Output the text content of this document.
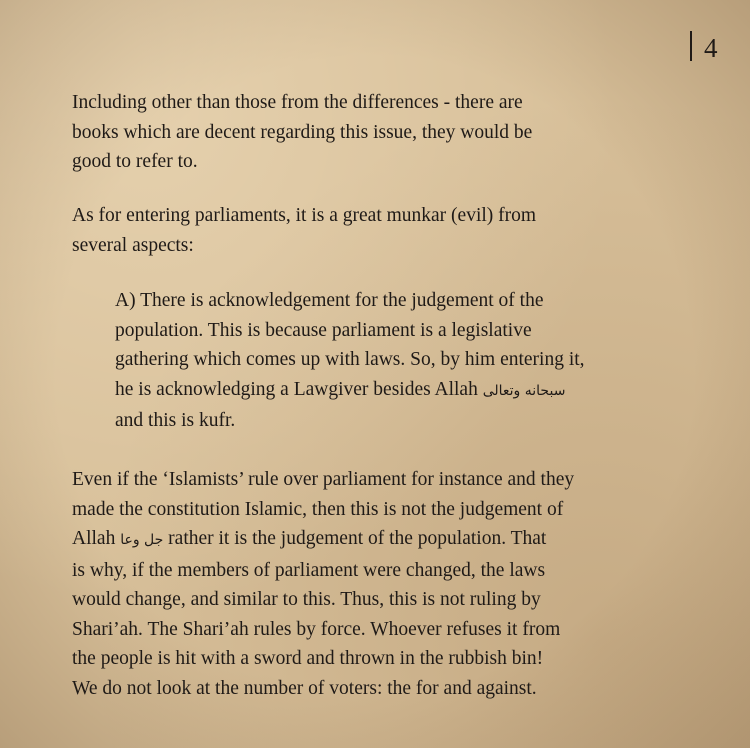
4

Including other than those from the differences - there are
books which are decent regarding this issue, they would be
good to refer to.

As for entering parliaments, it is a great munkar (evil) from
several aspects:

A) There is acknowledgement for the judgement of the
population. This is because parliament is a legislative
gathering which comes up with laws. So, by him entering it,
he is acknowledging a Lawgiver besides Allah سبحانه وتعالى
and this is kufr.

Even if the ‘Islamists’ rule over parliament for instance and they
made the constitution Islamic, then this is not the judgement of
Allah جل وعا rather it is the judgement of the population. That
is why, if the members of parliament were changed, the laws
would change, and similar to this. Thus, this is not ruling by
Shari’ah. The Shari’ah rules by force. Whoever refuses it from
the people is hit with a sword and thrown in the rubbish bin!
We do not look at the number of voters: the for and against.
